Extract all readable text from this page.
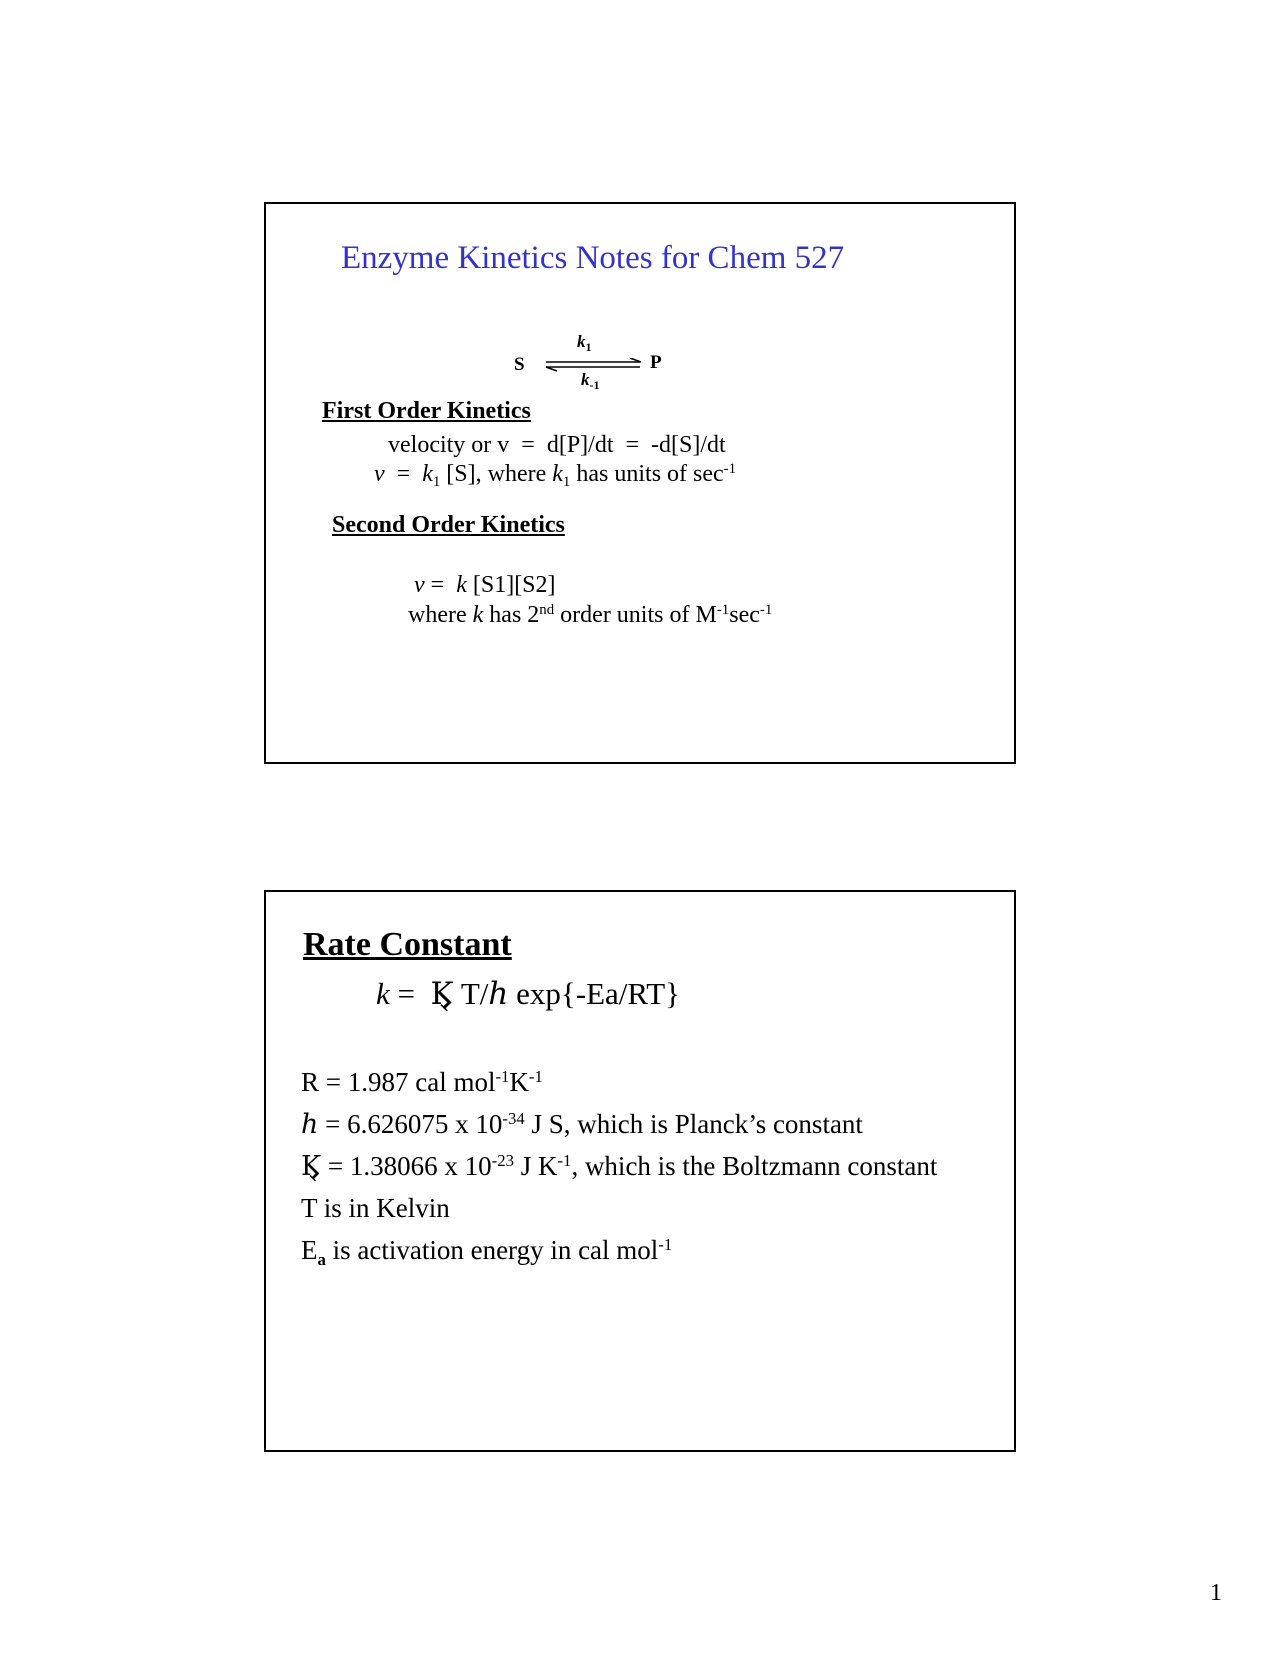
Enzyme Kinetics Notes for Chem 527
$k_1$
S	P
$k_{-1}$
First Order Kinetics
velocity or v  =  d[P]/dt  =  -d[S]/dt
$v = k_1$ [S], where $k_1$ has units of $\sec^{-1}$
Second Order Kinetics
v =  k [S1][S2]
where k has 2nd order units of $M^{-1}\sec^{-1}$
Rate Constant
k =  Ϗ T/ℎ exp{-Ea/RT}
R = 1.987 cal $mol^{-1}K^{-1}$
ℎ = 6.626075 x $10^{-34}$ J S, which is Planck’s constant
Ϗ = 1.38066 x $10^{-23}$ J $K^{-1}$, which is the Boltzmann constant
T is in Kelvin
$E_a$ is activation energy in cal mol$^{-1}$
1
